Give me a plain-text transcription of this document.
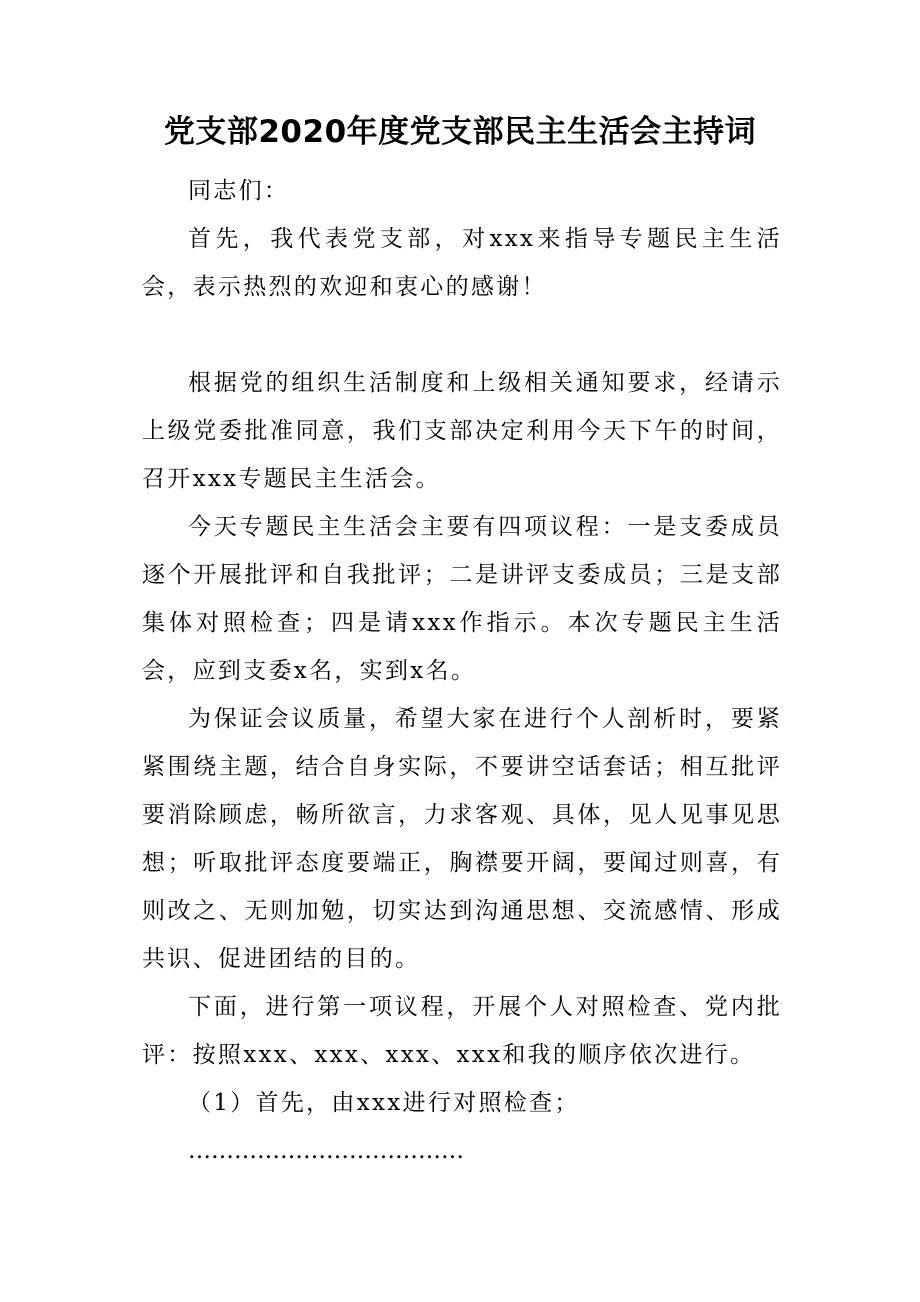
党支部2020年度党支部民主生活会主持词

同志们：

首先，我代表党支部，对xxx来指导专题民主生活会，表示热烈的欢迎和衷心的感谢！

根据党的组织生活制度和上级相关通知要求，经请示上级党委批准同意，我们支部决定利用今天下午的时间，召开xxx专题民主生活会。

今天专题民主生活会主要有四项议程：一是支委成员逐个开展批评和自我批评；二是讲评支委成员；三是支部集体对照检查；四是请xxx作指示。本次专题民主生活会，应到支委x名，实到x名。

为保证会议质量，希望大家在进行个人剖析时，要紧紧围绕主题，结合自身实际，不要讲空话套话；相互批评要消除顾虑，畅所欲言，力求客观、具体，见人见事见思想；听取批评态度要端正，胸襟要开阔，要闻过则喜，有则改之、无则加勉，切实达到沟通思想、交流感情、形成共识、促进团结的目的。

下面，进行第一项议程，开展个人对照检查、党内批评：按照xxx、xxx、xxx、xxx和我的顺序依次进行。

（1）首先，由xxx进行对照检查；

………………………………
